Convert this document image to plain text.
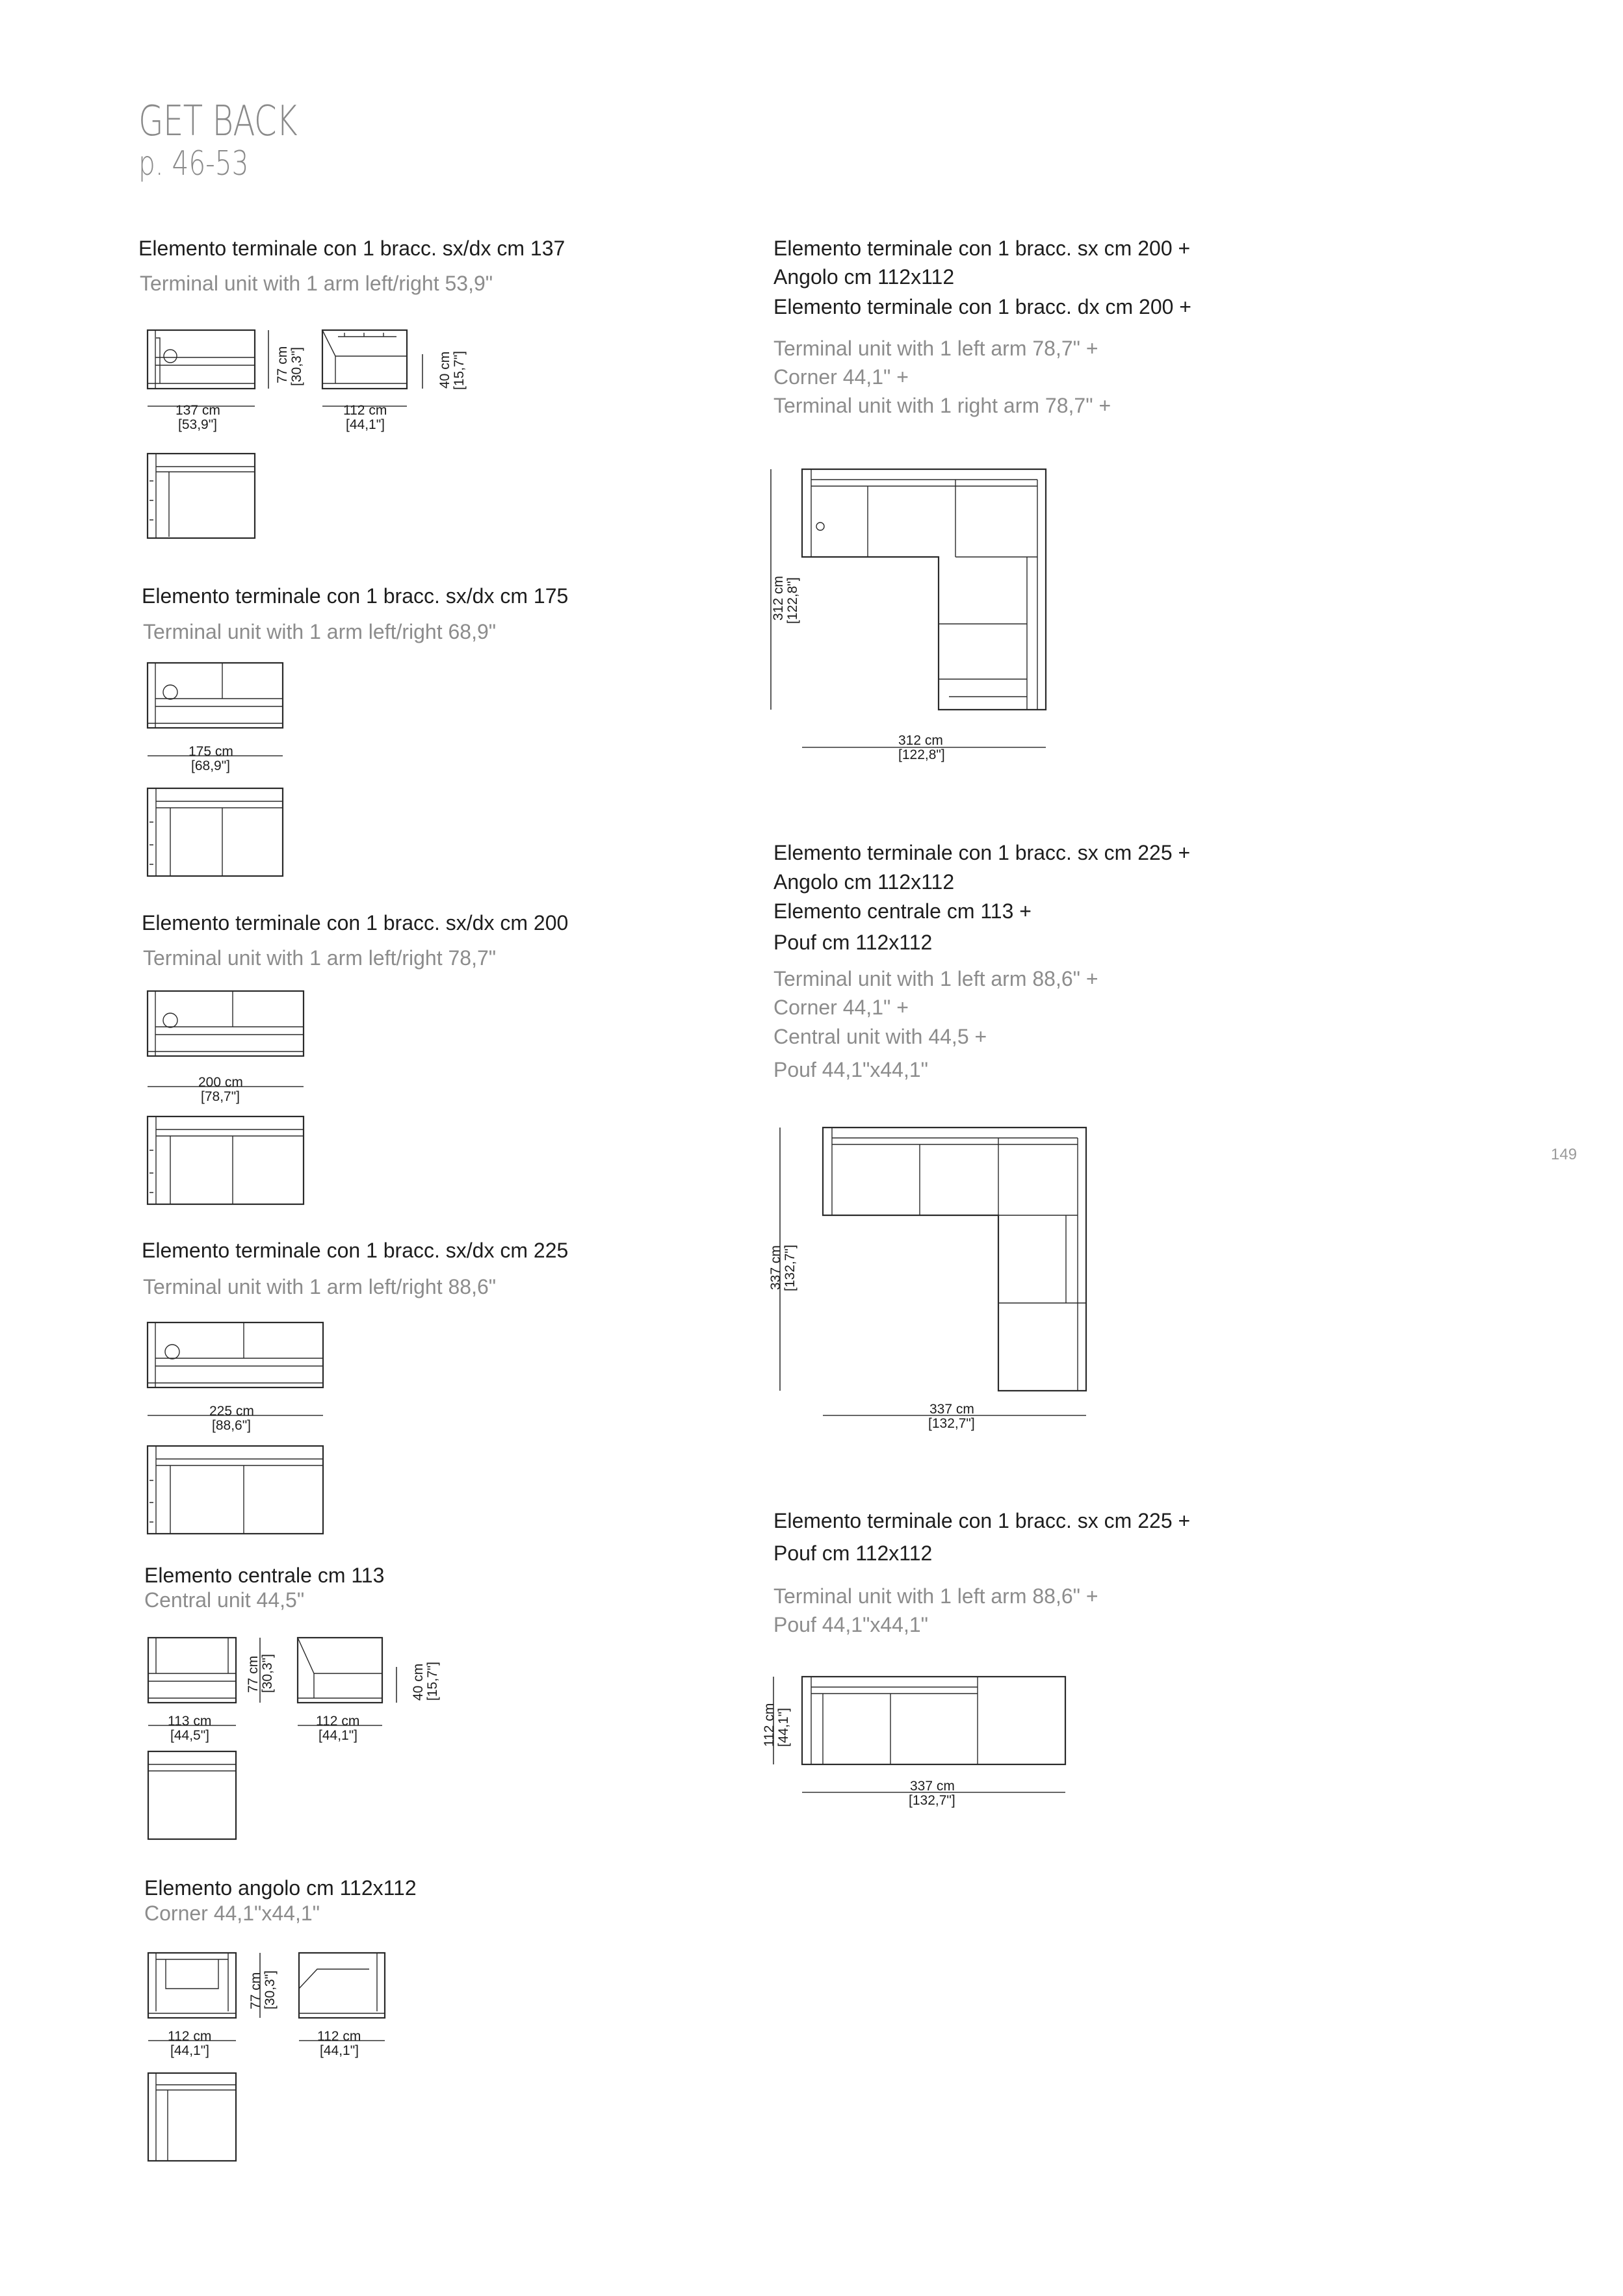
GET BACK
p. 46-53
149
Elemento terminale con 1 bracc. sx/dx cm 137
Terminal unit with 1 arm left/right 53,9"
137 cm
[53,9"]
77 cm [30,3"]
112 cm
[44,1"]
40 cm [15,7"]
Elemento terminale con 1 bracc. sx/dx cm 175
Terminal unit with 1 arm left/right 68,9"
175 cm
[68,9"]
Elemento terminale con 1 bracc. sx/dx cm 200
Terminal unit with 1 arm left/right 78,7"
200 cm
[78,7"]
Elemento terminale con 1 bracc. sx/dx cm 225
Terminal unit with 1 arm left/right 88,6"
225 cm
[88,6"]
Elemento centrale cm 113
Central unit 44,5"
113 cm
[44,5"]
77 cm [30,3"]
112 cm
[44,1"]
40 cm [15,7"]
Elemento angolo cm 112x112
Corner 44,1"x44,1"
112 cm
[44,1"]
77 cm [30,3"]
112 cm
[44,1"]
Elemento terminale con 1 bracc. sx cm 200 +
Angolo cm 112x112
Elemento terminale con 1 bracc. dx cm 200 +
Terminal unit with 1 left arm 78,7" +
Corner 44,1" +
Terminal unit with 1 right arm 78,7" +
312 cm [122,8"]
312 cm
[122,8"]
Elemento terminale con 1 bracc. sx cm 225 +
Angolo cm 112x112
Elemento centrale cm 113 +
Pouf cm 112x112
Terminal unit with 1 left arm 88,6" +
Corner 44,1" +
Central unit with 44,5 +
Pouf 44,1"x44,1"
337 cm [132,7"]
337 cm
[132,7"]
Elemento terminale con 1 bracc. sx cm 225 +
Pouf cm 112x112
Terminal unit with 1 left arm 88,6" +
Pouf 44,1"x44,1"
112 cm [44,1"]
337 cm
[132,7"]
